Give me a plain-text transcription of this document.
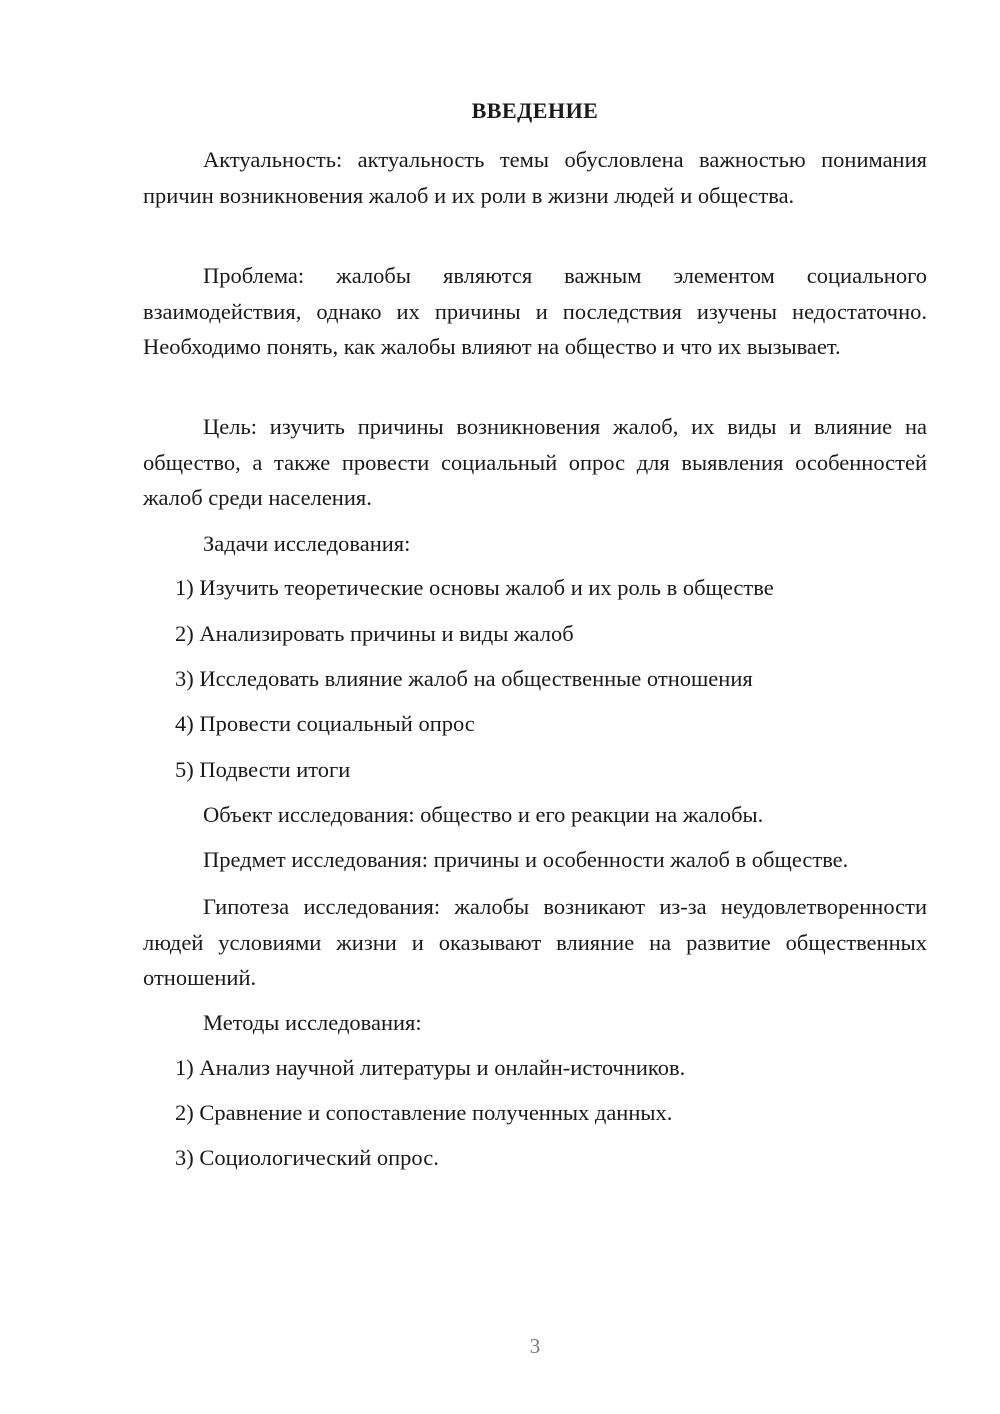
ВВЕДЕНИЕ

Актуальность: актуальность темы обусловлена важностью понимания причин возникновения жалоб и их роли в жизни людей и общества.

Проблема: жалобы являются важным элементом социального взаимодействия, однако их причины и последствия изучены недостаточно. Необходимо понять, как жалобы влияют на общество и что их вызывает.

Цель: изучить причины возникновения жалоб, их виды и влияние на общество, а также провести социальный опрос для выявления особенностей жалоб среди населения.

Задачи исследования:

1) Изучить теоретические основы жалоб и их роль в обществе

2) Анализировать причины и виды жалоб

3) Исследовать влияние жалоб на общественные отношения

4) Провести социальный опрос

5) Подвести итоги

Объект исследования: общество и его реакции на жалобы.

Предмет исследования: причины и особенности жалоб в обществе.

Гипотеза исследования: жалобы возникают из-за неудовлетворенности людей условиями жизни и оказывают влияние на развитие общественных отношений.

Методы исследования:

1) Анализ научной литературы и онлайн-источников.

2) Сравнение и сопоставление полученных данных.

3) Социологический опрос.

3
